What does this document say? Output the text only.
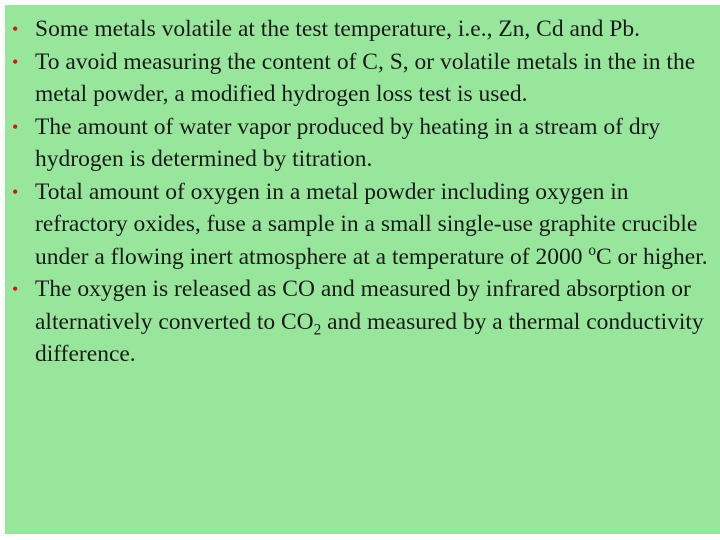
• Some metals volatile at the test temperature, i.e., Zn, Cd and Pb.
• To avoid measuring the content of C, S, or volatile metals in the in the metal powder, a modified hydrogen loss test is used.
• The amount of water vapor produced by heating in a stream of dry hydrogen is determined by titration.
• Total amount of oxygen in a metal powder including oxygen in refractory oxides, fuse a sample in a small single-use graphite crucible under a flowing inert atmosphere at a temperature of 2000 $^o$C or higher.
• The oxygen is released as CO and measured by infrared absorption or alternatively converted to $CO_2$ and measured by a thermal conductivity difference.
